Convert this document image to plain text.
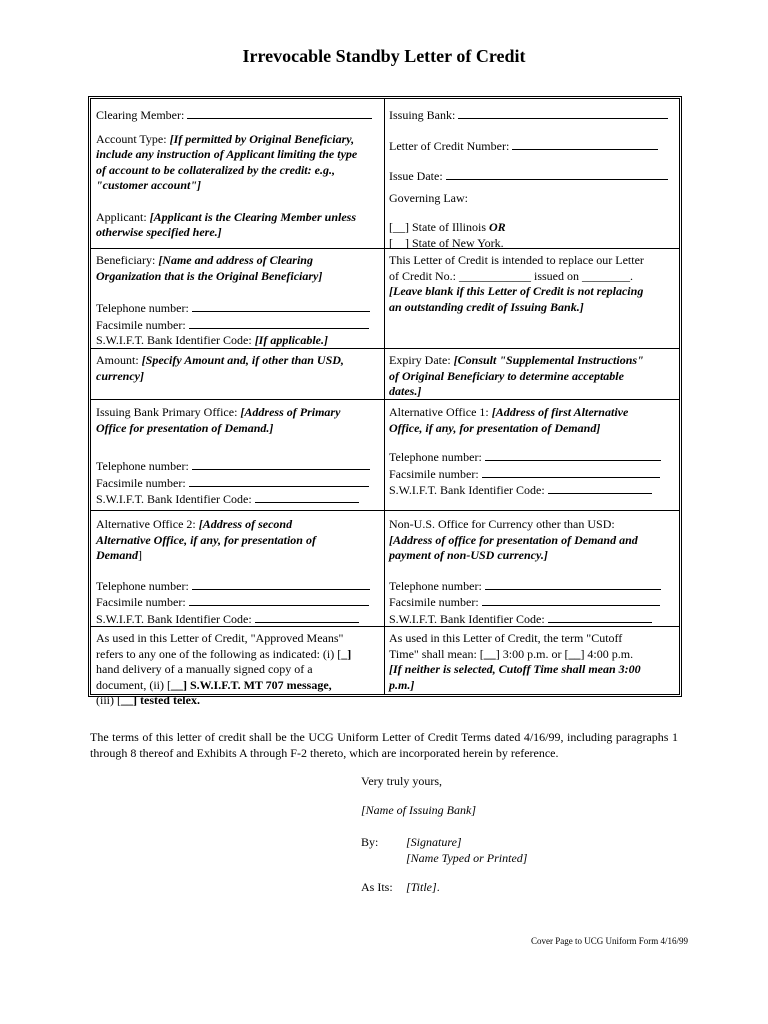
Irrevocable Standby Letter of Credit
Clearing Member:
Account Type: [If permitted by Original Beneficiary,
include any instruction of Applicant limiting the type
of account to be collateralized by the credit: e.g.,
"customer account"]
Applicant: [Applicant is the Clearing Member unless
otherwise specified here.]
Issuing Bank:
Letter of Credit Number:
Issue Date:
Governing Law:
[__] State of Illinois OR
[__] State of New York.
Beneficiary: [Name and address of Clearing
Organization that is the Original Beneficiary]
Telephone number:
Facsimile number:
S.W.I.F.T. Bank Identifier Code: [If applicable.]
This Letter of Credit is intended to replace our Letter
of Credit No.: ____________ issued on ________.
[Leave blank if this Letter of Credit is not replacing
an outstanding credit of Issuing Bank.]
Amount: [Specify Amount and, if other than USD,
currency]
Expiry Date: [Consult "Supplemental Instructions"
of Original Beneficiary to determine acceptable
dates.]
Issuing Bank Primary Office: [Address of Primary
Office for presentation of Demand.]
Telephone number:
Facsimile number:
S.W.I.F.T. Bank Identifier Code:
Alternative Office 1: [Address of first Alternative
Office, if any, for presentation of Demand]
Telephone number:
Facsimile number:
S.W.I.F.T. Bank Identifier Code:
Alternative Office 2: [Address of second
Alternative Office, if any, for presentation of
Demand]
Telephone number:
Facsimile number:
S.W.I.F.T. Bank Identifier Code:
Non-U.S. Office for Currency other than USD:
[Address of office for presentation of Demand and
payment of non-USD currency.]
Telephone number:
Facsimile number:
S.W.I.F.T. Bank Identifier Code:
As used in this Letter of Credit, "Approved Means"
refers to any one of the following as indicated: (i) [_]
hand delivery of a manually signed copy of a
document, (ii) [__] S.W.I.F.T. MT 707 message,
(iii) [__] tested telex.
As used in this Letter of Credit, the term "Cutoff
Time" shall mean: [__] 3:00 p.m. or [__] 4:00 p.m.
[If neither is selected, Cutoff Time shall mean 3:00
p.m.]
The terms of this letter of credit shall be the UCG Uniform Letter of Credit Terms dated 4/16/99, including paragraphs 1 through 8 thereof and Exhibits A through F-2 thereto, which are incorporated herein by reference.
Very truly yours,
[Name of Issuing Bank]
By: [Signature]
[Name Typed or Printed]
As Its: [Title].
Cover Page to UCG Uniform Form 4/16/99
